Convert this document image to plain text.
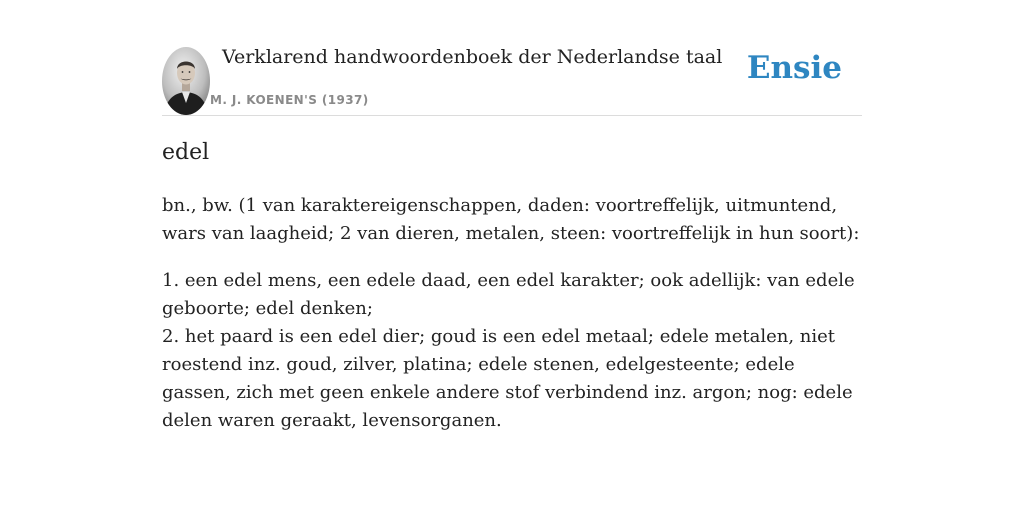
Verklarend handwoordenboek der Nederlandse taal
M. J. KOENEN'S (1937)
Ensie
edel

bn., bw. (1 van karaktereigenschappen, daden: voortreffelijk, uitmuntend, wars van laagheid; 2 van dieren, metalen, steen: voortreffelijk in hun soort):

1. een edel mens, een edele daad, een edel karakter; ook adellijk: van edele geboorte; edel denken;
2. het paard is een edel dier; goud is een edel metaal; edele metalen, niet roestend inz. goud, zilver, platina; edele stenen, edelgesteente; edele gassen, zich met geen enkele andere stof verbindend inz. argon; nog: edele delen waren geraakt, levensorganen.
